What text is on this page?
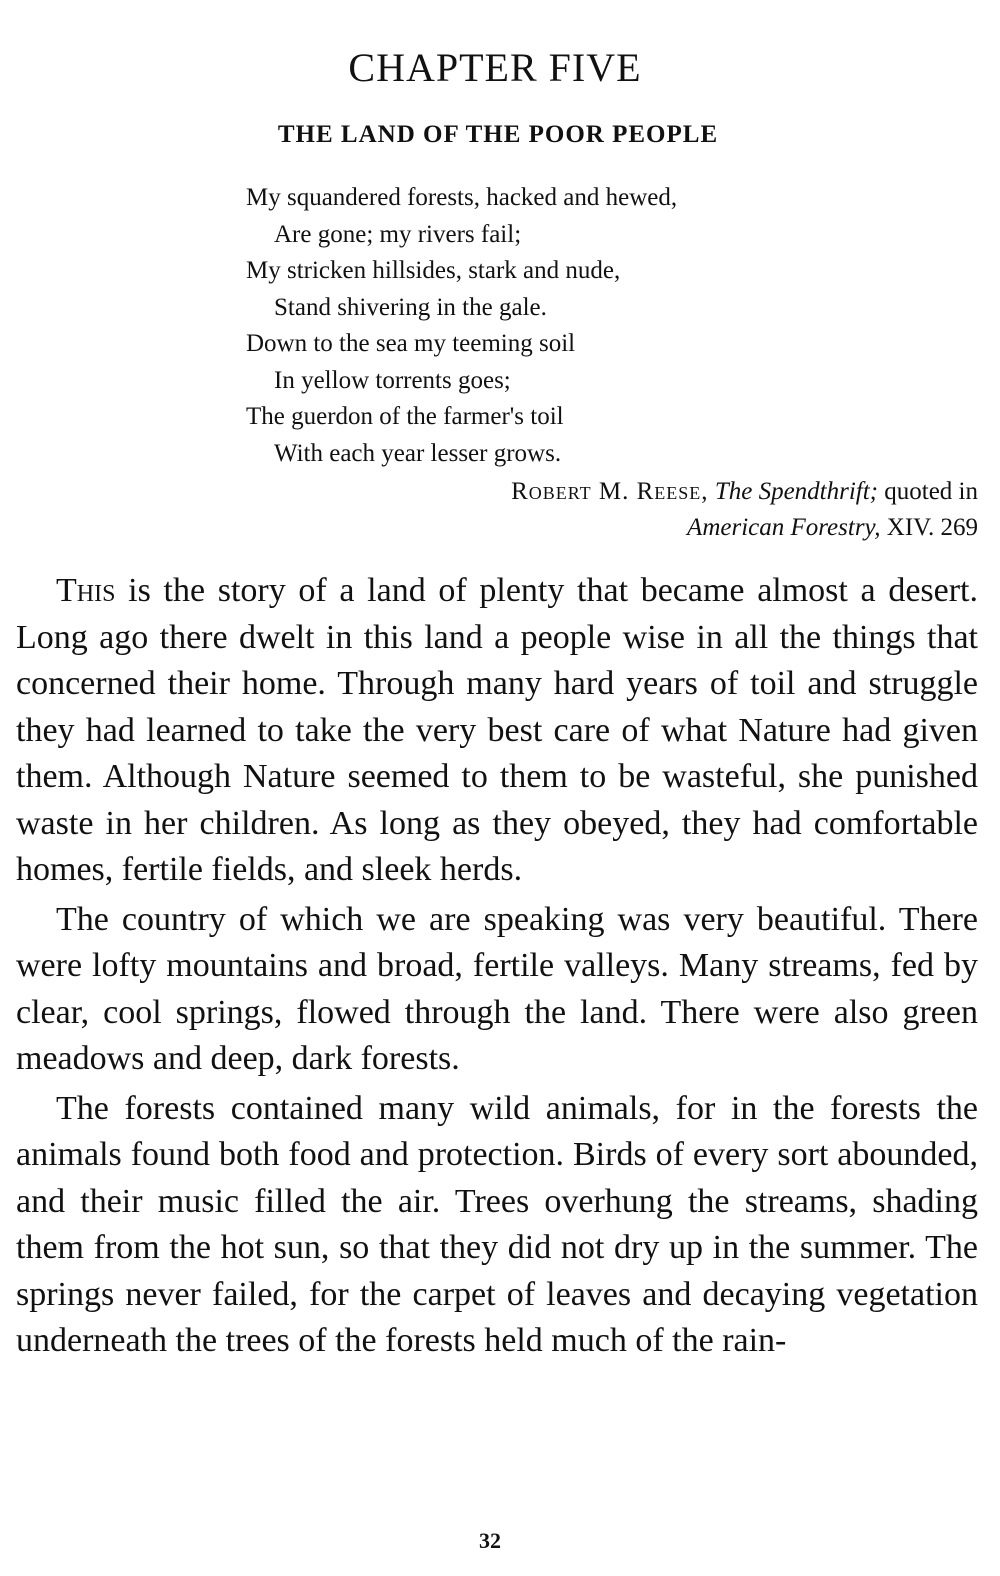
CHAPTER FIVE
THE LAND OF THE POOR PEOPLE
My squandered forests, hacked and hewed,
Are gone; my rivers fail;
My stricken hillsides, stark and nude,
Stand shivering in the gale.
Down to the sea my teeming soil
In yellow torrents goes;
The guerdon of the farmer's toil
With each year lesser grows.
Robert M. Reese, The Spendthrift; quoted in
American Forestry, XIV. 269

This is the story of a land of plenty that became almost a desert. Long ago there dwelt in this land a people wise in all the things that concerned their home. Through many hard years of toil and struggle they had learned to take the very best care of what Nature had given them. Although Nature seemed to them to be wasteful, she punished waste in her children. As long as they obeyed, they had comfortable homes, fertile fields, and sleek herds.

The country of which we are speaking was very beautiful. There were lofty mountains and broad, fertile valleys. Many streams, fed by clear, cool springs, flowed through the land. There were also green meadows and deep, dark forests.

The forests contained many wild animals, for in the forests the animals found both food and protection. Birds of every sort abounded, and their music filled the air. Trees overhung the streams, shading them from the hot sun, so that they did not dry up in the summer. The springs never failed, for the carpet of leaves and decaying vegetation underneath the trees of the forests held much of the rain-

32
